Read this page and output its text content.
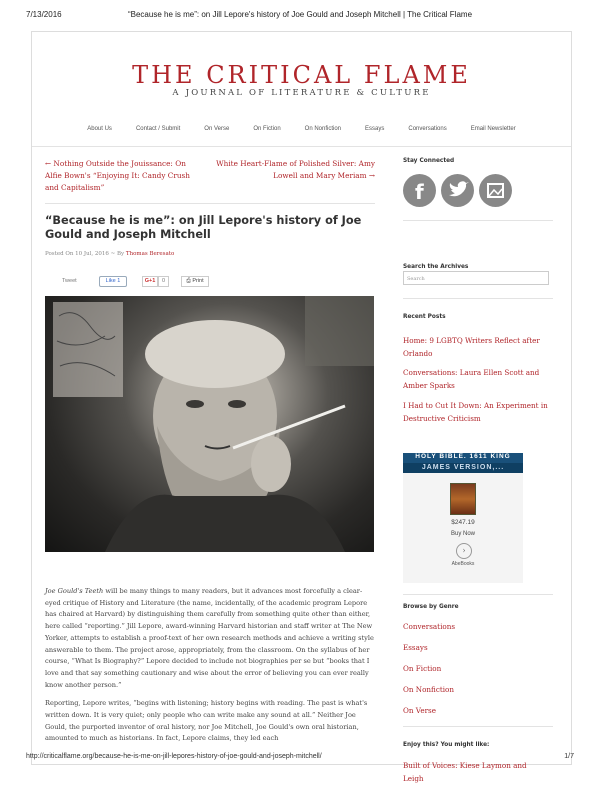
7/13/2016	“Because he is me”: on Jill Lepore's history of Joe Gould and Joseph Mitchell | The Critical Flame
THE CRITICAL FLAME
A JOURNAL OF LITERATURE & CULTURE
About Us	Contact / Submit	On Verse	On Fiction	On Nonfiction	Essays	Conversations	Email Newsletter
← Nothing Outside the Jouissance: On Alfie Bown's “Enjoying It: Candy Crush and Capitalism”
White Heart-Flame of Polished Silver: Amy Lowell and Mary Meriam →
“Because he is me”: on Jill Lepore's history of Joe Gould and Joseph Mitchell
Posted On 10 Jul, 2016 ~ By Thomas Beresato
Tweet	Like 1	G+1	0	⎙ Print

Joe Gould's Teeth will be many things to many readers, but it advances most forcefully a clear-eyed critique of History and Literature (the name, incidentally, of the academic program Lepore has chaired at Harvard) by distinguishing them carefully from something quite other than either, here called “reporting.” Jill Lepore, award-winning Harvard historian and staff writer at The New Yorker, attempts to establish a proof-text of her own research methods and achieve a writing style answerable to them. The project arose, appropriately, from the classroom. On the syllabus of her course, “What Is Biography?” Lepore decided to include not biographies per se but “books that I love and that say something cautionary and wise about the error of believing you can ever really know another person.”

Reporting, Lepore writes, “begins with listening; history begins with reading. The past is what's written down. It is very quiet; only people who can write make any sound at all.” Neither Joe Gould, the purported inventor of oral history, nor Joe Mitchell, Joe Gould's own oral historian, amounted to much as historians. In fact, Lepore claims, they led each

Stay Connected
f
Search the Archives
Search
Recent Posts
Home: 9 LGBTQ Writers Reflect after Orlando
Conversations: Laura Ellen Scott and Amber Sparks
I Had to Cut It Down: An Experiment in Destructive Criticism
HOLY BIBLE. 1611 KING
JAMES VERSION,...
$247.19
Buy Now
›
AbeBooks
Browse by Genre
Conversations
Essays
On Fiction
On Nonfiction
On Verse
Enjoy this? You might like:
Built of Voices: Kiese Laymon and Leigh
http://criticalflame.org/because-he-is-me-on-jill-lepores-history-of-joe-gould-and-joseph-mitchell/	1/7
